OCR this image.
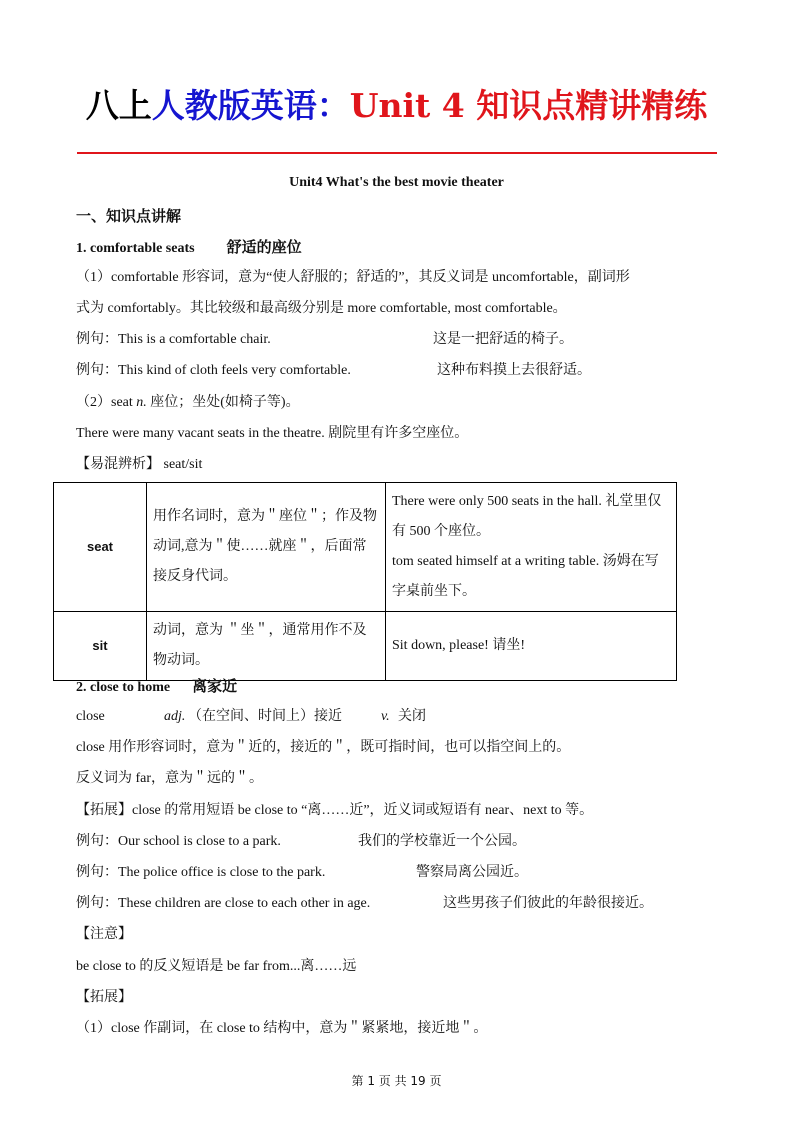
八上人教版英语：Unit 4 知识点精讲精练
Unit4 What's the best movie theater
一、知识点讲解
1. comfortable seats 舒适的座位
（1）comfortable 形容词，意为“使人舒服的；舒适的”，其反义词是 uncomfortable，副词形
式为 comfortably。其比较级和最高级分别是 more comfortable, most comfortable。
例句：This is a comfortable chair.	这是一把舒适的椅子。
例句：This kind of cloth feels very comfortable.	这种布料摸上去很舒适。
（2）seat n. 座位；坐处(如椅子等)。
There were many vacant seats in the theatre. 剧院里有许多空座位。
【易混辨析】 seat/sit
seat	用作名词时，意为＂座位＂；作及物动词,意为＂使……就座＂，后面常接反身代词。	There were only 500 seats in the hall. 礼堂里仅有 500 个座位。
tom seated himself at a writing table. 汤姆在写字桌前坐下。

sit	动词，意为 ＂坐＂，通常用作不及物动词。	Sit down, please! 请坐!
2. close to home 离家近
close	adj. （在空间、时间上）接近	v. 关闭
close 用作形容词时，意为＂近的，接近的＂，既可指时间，也可以指空间上的。
反义词为 far，意为＂远的＂。
【拓展】close 的常用短语 be close to “离……近”，近义词或短语有 near、next to 等。
例句：Our school is close to a park.	我们的学校靠近一个公园。
例句：The police office is close to the park.	警察局离公园近。
例句：These children are close to each other in age.	这些男孩子们彼此的年龄很接近。
【注意】
be close to 的反义短语是 be far from...离……远
【拓展】
（1）close 作副词，在 close to 结构中，意为＂紧紧地，接近地＂。
第 1 页 共 19 页
